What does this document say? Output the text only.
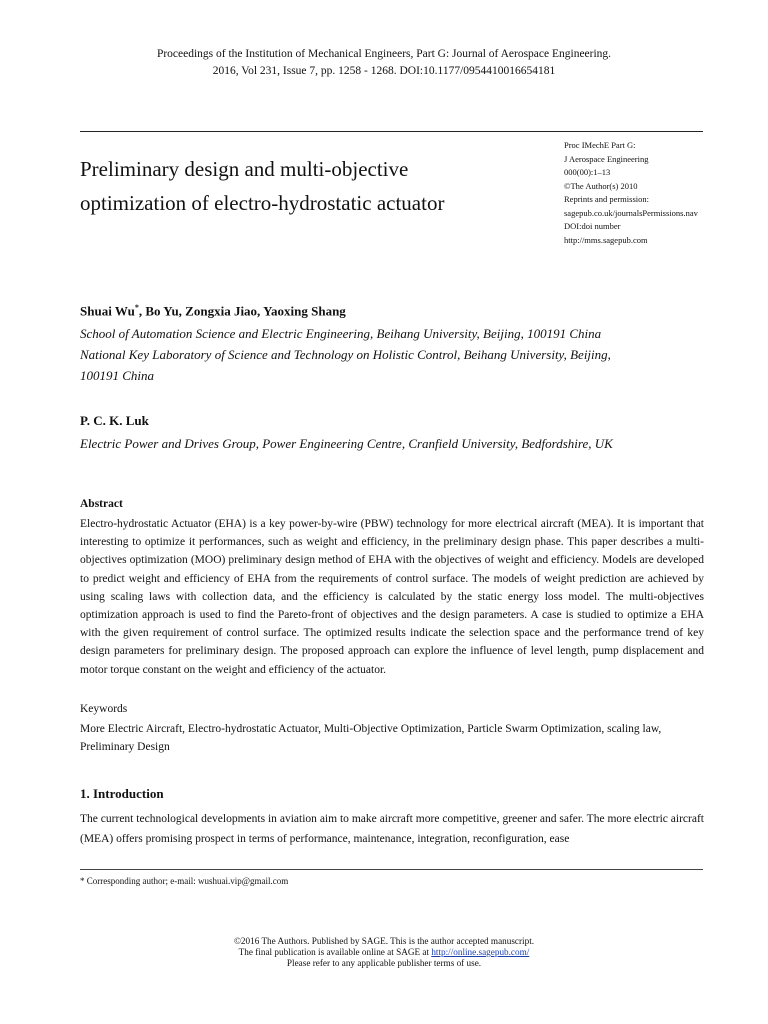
Proceedings of the Institution of Mechanical Engineers, Part G: Journal of Aerospace Engineering.
2016, Vol 231, Issue 7, pp. 1258 - 1268. DOI:10.1177/0954410016654181
Preliminary design and multi-objective
optimization of electro-hydrostatic actuator
Proc IMechE Part G:
J Aerospace Engineering
000(00):1–13
©The Author(s) 2010
Reprints and permission:
sagepub.co.uk/journalsPermissions.nav
DOI:doi number
http://mms.sagepub.com
Shuai Wu*, Bo Yu, Zongxia Jiao, Yaoxing Shang
School of Automation Science and Electric Engineering, Beihang University, Beijing, 100191 China
National Key Laboratory of Science and Technology on Holistic Control, Beihang University, Beijing,
100191 China
P. C. K. Luk
Electric Power and Drives Group, Power Engineering Centre, Cranfield University, Bedfordshire, UK
Abstract
Electro-hydrostatic Actuator (EHA) is a key power-by-wire (PBW) technology for more electrical aircraft (MEA). It is important that interesting to optimize it performances, such as weight and efficiency, in the preliminary design phase. This paper describes a multi-objectives optimization (MOO) preliminary design method of EHA with the objectives of weight and efficiency. Models are developed to predict weight and efficiency of EHA from the requirements of control surface. The models of weight prediction are achieved by using scaling laws with collection data, and the efficiency is calculated by the static energy loss model. The multi-objectives optimization approach is used to find the Pareto-front of objectives and the design parameters. A case is studied to optimize a EHA with the given requirement of control surface. The optimized results indicate the selection space and the performance trend of key design parameters for preliminary design. The proposed approach can explore the influence of level length, pump displacement and motor torque constant on the weight and efficiency of the actuator.
Keywords
More Electric Aircraft, Electro-hydrostatic Actuator, Multi-Objective Optimization, Particle Swarm Optimization, scaling law, Preliminary Design
1. Introduction
The current technological developments in aviation aim to make aircraft more competitive, greener and safer. The more electric aircraft (MEA) offers promising prospect in terms of performance, maintenance, integration, reconfiguration, ease
* Corresponding author; e-mail: wushuai.vip@gmail.com
©2016 The Authors. Published by SAGE. This is the author accepted manuscript.
The final publication is available online at SAGE at http://online.sagepub.com/
Please refer to any applicable publisher terms of use.
